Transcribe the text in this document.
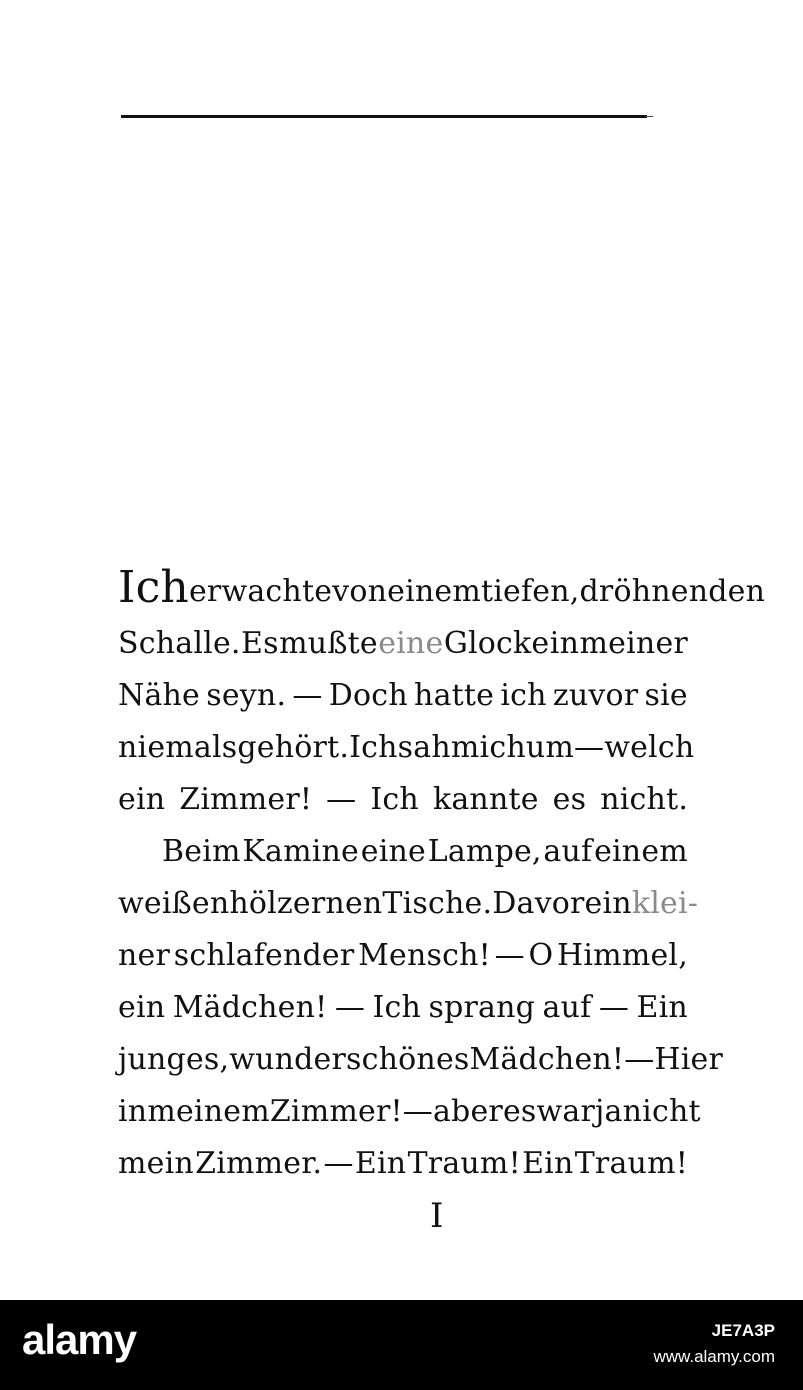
Ich erwachte von einem tiefen, dröhnenden
Schalle. Es mußte eine Glocke in meiner
Nähe seyn. — Doch hatte ich zuvor sie
niemals gehört. Ich sah mich um — welch
ein Zimmer! — Ich kannte es nicht.
Beim Kamine eine Lampe, auf einem
weißen hölzernen Tische. Davor ein klei-
ner schlafender Mensch! — O Himmel,
ein Mädchen! — Ich sprang auf — Ein
junges, wunderschönes Mädchen! — Hier
in meinem Zimmer! — aber es war ja nicht
mein Zimmer. — Ein Traum! Ein Traum!
I
alamy	JE7A3P
www.alamy.com
